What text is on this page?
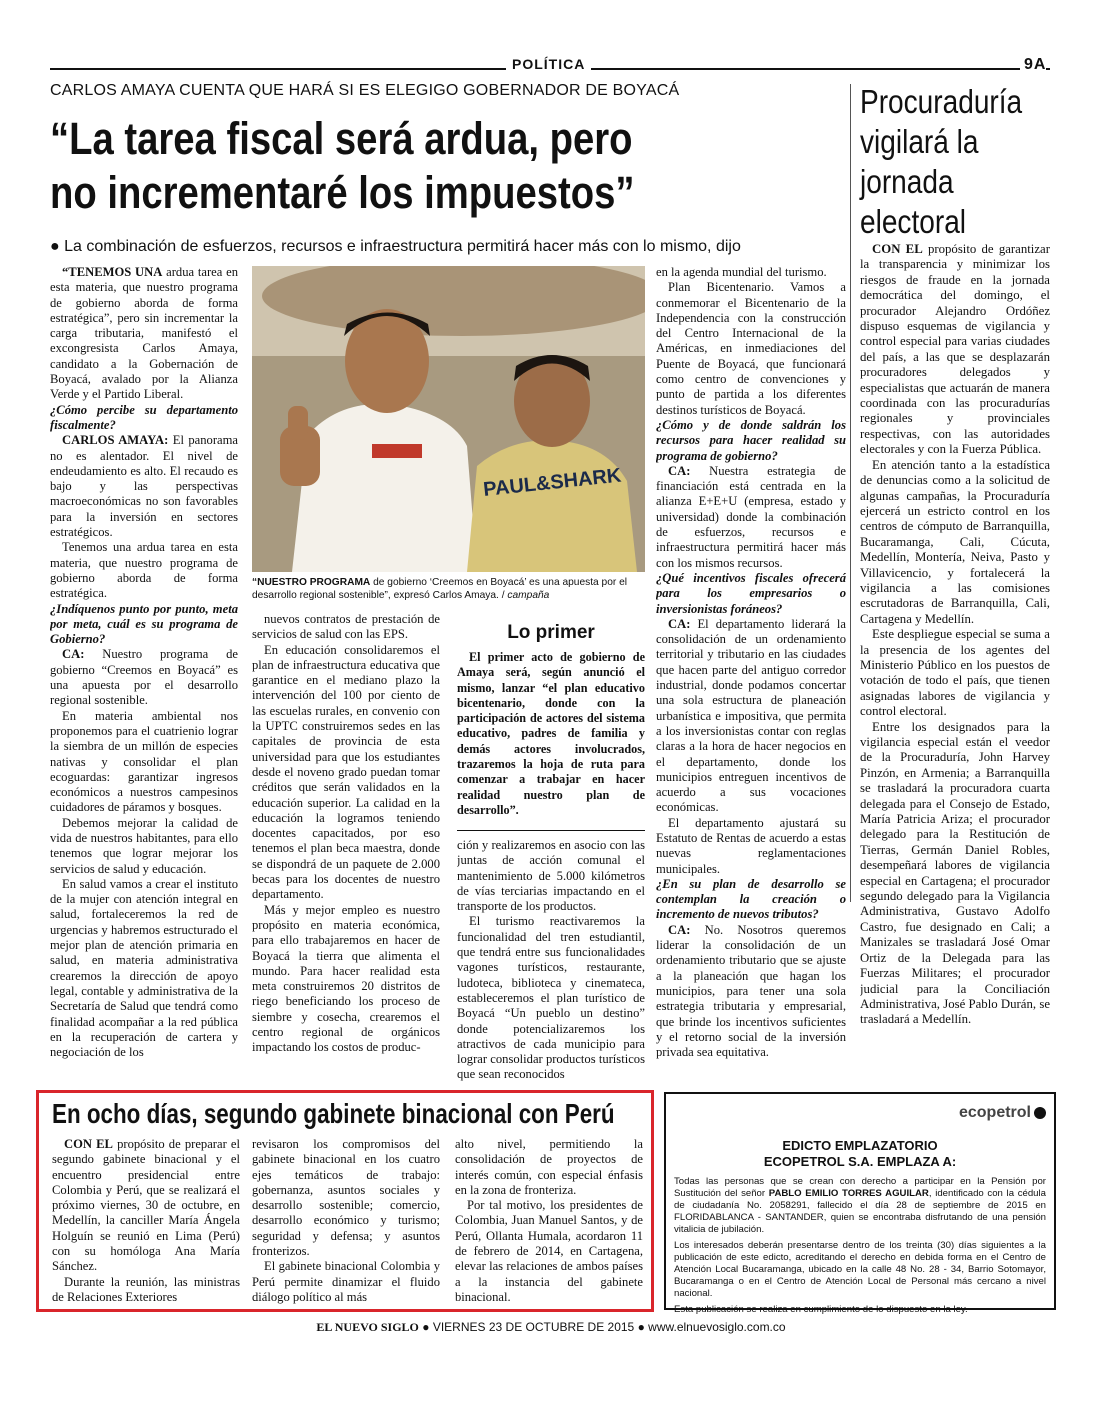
POLÍTICA	9A
CARLOS AMAYA CUENTA QUE HARÁ SI ES ELEGIGO GOBERNADOR DE BOYACÁ
“La tarea fiscal será ardua, pero
no incrementaré los impuestos”
● La combinación de esfuerzos, recursos e infraestructura permitirá hacer más con lo mismo, dijo

“TENEMOS UNA ardua tarea en esta materia, que nuestro programa de gobierno aborda de forma estratégica”, pero sin incrementar la carga tributaria, manifestó el excongresista Carlos Amaya, candidato a la Gobernación de Boyacá, avalado por la Alianza Verde y el Partido Liberal.

¿Cómo percibe su departamento fiscalmente?

CARLOS AMAYA: El panorama no es alentador. El nivel de endeudamiento es alto. El recaudo es bajo y las perspectivas macroeconómicas no son favorables para la inversión en sectores estratégicos.

Tenemos una ardua tarea en esta materia, que nuestro programa de gobierno aborda de forma estratégica.

¿Indíquenos punto por punto, meta por meta, cuál es su programa de Gobierno?

CA: Nuestro programa de gobierno “Creemos en Boyacá” es una apuesta por el desarrollo regional sostenible.

En materia ambiental nos proponemos para el cuatrienio lograr la siembra de un millón de especies nativas y consolidar el plan ecoguardas: garantizar ingresos económicos a nuestros campesinos cuidadores de páramos y bosques.

Debemos mejorar la calidad de vida de nuestros habitantes, para ello tenemos que lograr mejorar los servicios de salud y educación.

En salud vamos a crear el instituto de la mujer con atención integral en salud, fortaleceremos la red de urgencias y habremos estructurado el mejor plan de atención primaria en salud, en materia administrativa crearemos la dirección de apoyo legal, contable y administrativa de la Secretaría de Salud que tendrá como finalidad acompañar a la red pública en la recuperación de cartera y negociación de los

PAUL&SHARK
“NUESTRO PROGRAMA de gobierno ‘Creemos en Boyacá’ es una apuesta por el desarrollo regional sostenible”, expresó Carlos Amaya. / campaña

nuevos contratos de prestación de servicios de salud con las EPS.

En educación consolidaremos el plan de infraestructura educativa que garantice en el mediano plazo la intervención del 100 por ciento de las escuelas rurales, en convenio con la UPTC construiremos sedes en las capitales de provincia de esta universidad para que los estudiantes desde el noveno grado puedan tomar créditos que serán validados en la educación superior. La calidad en la educación la logramos teniendo docentes capacitados, por eso tenemos el plan beca maestra, donde se dispondrá de un paquete de 2.000 becas para los docentes de nuestro departamento.

Más y mejor empleo es nuestro propósito en materia económica, para ello trabajaremos en hacer de Boyacá la tierra que alimenta el mundo. Para hacer realidad esta meta construiremos 20 distritos de riego beneficiando los proceso de siembre y cosecha, crearemos el centro regional de orgánicos impactando los costos de produc-

Lo primer

El primer acto de gobierno de Amaya será, según anunció el mismo, lanzar “el plan educativo bicentenario, donde con la participación de actores del sistema educativo, padres de familia y demás actores involucrados, trazaremos la hoja de ruta para comenzar a trabajar en hacer realidad nuestro plan de desarrollo”.

ción y realizaremos en asocio con las juntas de acción comunal el mantenimiento de 5.000 kilómetros de vías terciarias impactando en el transporte de los productos.

El turismo reactivaremos la funcionalidad del tren estudiantil, que tendrá entre sus funcionalidades vagones turísticos, restaurante, ludoteca, biblioteca y cinemateca, estableceremos el plan turístico de Boyacá “Un pueblo un destino” donde potencializaremos los atractivos de cada municipio para lograr consolidar productos turísticos que sean reconocidos

en la agenda mundial del turismo.

Plan Bicentenario. Vamos a conmemorar el Bicentenario de la Independencia con la construcción del Centro Internacional de la Américas, en inmediaciones del Puente de Boyacá, que funcionará como centro de convenciones y punto de partida a los diferentes destinos turísticos de Boyacá.

¿Cómo y de donde saldrán los recursos para hacer realidad su programa de gobierno?

CA: Nuestra estrategia de financiación está centrada en la alianza E+E+U (empresa, estado y universidad) donde la combinación de esfuerzos, recursos e infraestructura permitirá hacer más con los mismos recursos.

¿Qué incentivos fiscales ofrecerá para los empresarios o inversionistas foráneos?

CA: El departamento liderará la consolidación de un ordenamiento territorial y tributario en las ciudades que hacen parte del antiguo corredor industrial, donde podamos concertar una sola estructura de planeación urbanística e impositiva, que permita a los inversionistas contar con reglas claras a la hora de hacer negocios en el departamento, donde los municipios entreguen incentivos de acuerdo a sus vocaciones económicas.

El departamento ajustará su Estatuto de Rentas de acuerdo a estas nuevas reglamentaciones municipales.

¿En su plan de desarrollo se contemplan la creación o incremento de nuevos tributos?

CA: No. Nosotros queremos liderar la consolidación de un ordenamiento tributario que se ajuste a la planeación que hagan los municipios, para tener una sola estrategia tributaria y empresarial, que brinde los incentivos suficientes y el retorno social de la inversión privada sea equitativa.

Procuraduría
vigilará la
jornada
electoral

CON EL propósito de garantizar la transparencia y minimizar los riesgos de fraude en la jornada democrática del domingo, el procurador Alejandro Ordóñez dispuso esquemas de vigilancia y control especial para varias ciudades del país, a las que se desplazarán procuradores delegados y especialistas que actuarán de manera coordinada con las procuradurías regionales y provinciales respectivas, con las autoridades electorales y con la Fuerza Pública.

En atención tanto a la estadística de denuncias como a la solicitud de algunas campañas, la Procuraduría ejercerá un estricto control en los centros de cómputo de Barranquilla, Bucaramanga, Cali, Cúcuta, Medellín, Montería, Neiva, Pasto y Villavicencio, y fortalecerá la vigilancia a las comisiones escrutadoras de Barranquilla, Cali, Cartagena y Medellín.

Este despliegue especial se suma a la presencia de los agentes del Ministerio Público en los puestos de votación de todo el país, que tienen asignadas labores de vigilancia y control electoral.

Entre los designados para la vigilancia especial están el veedor de la Procuraduría, John Harvey Pinzón, en Armenia; a Barranquilla se trasladará la procuradora cuarta delegada para el Consejo de Estado, María Patricia Ariza; el procurador delegado para la Restitución de Tierras, Germán Daniel Robles, desempeñará labores de vigilancia especial en Cartagena; el procurador segundo delegado para la Vigilancia Administrativa, Gustavo Adolfo Castro, fue designado en Cali; a Manizales se trasladará José Omar Ortiz de la Delegada para las Fuerzas Militares; el procurador judicial para la Conciliación Administrativa, José Pablo Durán, se trasladará a Medellín.

En ocho días, segundo gabinete binacional con Perú

CON EL propósito de preparar el segundo gabinete binacional y el encuentro presidencial entre Colombia y Perú, que se realizará el próximo viernes, 30 de octubre, en Medellín, la canciller María Ángela Holguín se reunió en Lima (Perú) con su homóloga Ana María Sánchez.

Durante la reunión, las ministras de Relaciones Exteriores

revisaron los compromisos del gabinete binacional en los cuatro ejes temáticos de trabajo: gobernanza, asuntos sociales y desarrollo sostenible; comercio, desarrollo económico y turismo; seguridad y defensa; y asuntos fronterizos.

El gabinete binacional Colombia y Perú permite dinamizar el fluido diálogo político al más

alto nivel, permitiendo la consolidación de proyectos de interés común, con especial énfasis en la zona de fronteriza.

Por tal motivo, los presidentes de Colombia, Juan Manuel Santos, y de Perú, Ollanta Humala, acordaron 11 de febrero de 2014, en Cartagena, elevar las relaciones de ambos países a la instancia del gabinete binacional.

ecopetrol
EDICTO EMPLAZATORIO
ECOPETROL S.A. EMPLAZA A:
Todas las personas que se crean con derecho a participar en la Pensión por Sustitución del señor PABLO EMILIO TORRES AGUILAR, identificado con la cédula de ciudadanía No. 2058291, fallecido el día 28 de septiembre de 2015 en FLORIDABLANCA - SANTANDER, quien se encontraba disfrutando de una pensión vitalicia de jubilación.
Los interesados deberán presentarse dentro de los treinta (30) días siguientes a la publicación de este edicto, acreditando el derecho en debida forma en el Centro de Atención Local Bucaramanga, ubicado en la calle 48 No. 28 - 34, Barrio Sotomayor, Bucaramanga o en el Centro de Atención Local de Personal más cercano a nivel nacional.
Esta publicación se realiza en cumplimiento de lo dispuesto en la ley.
EL NUEVO SIGLO ● VIERNES 23 DE OCTUBRE DE 2015 ● www.elnuevosiglo.com.co
